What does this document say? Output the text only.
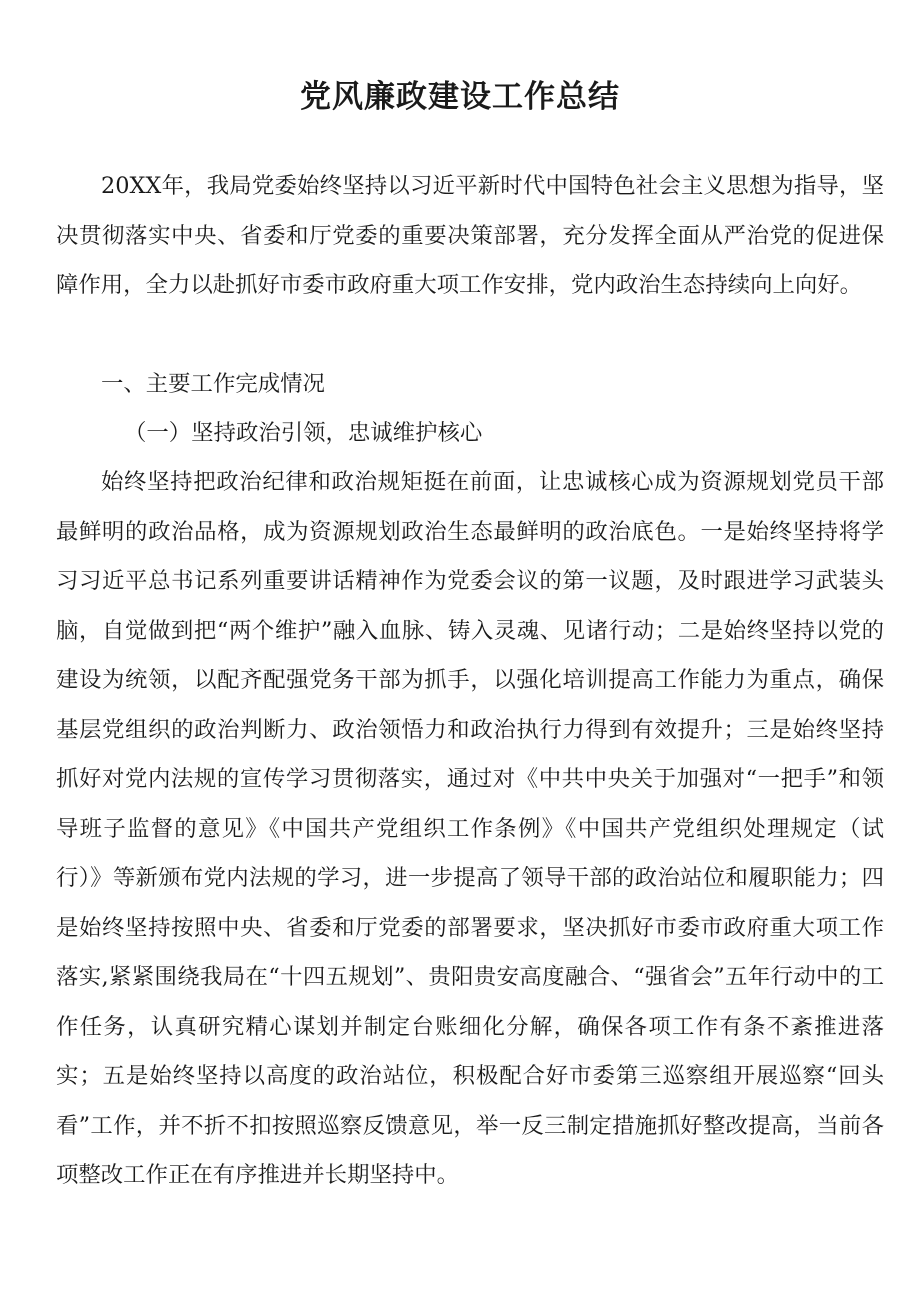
党风廉政建设工作总结

20XX年，我局党委始终坚持以习近平新时代中国特色社会主义思想为指导，坚决贯彻落实中央、省委和厅党委的重要决策部署，充分发挥全面从严治党的促进保障作用，全力以赴抓好市委市政府重大项工作安排，党内政治生态持续向上向好。

一、主要工作完成情况

（一）坚持政治引领，忠诚维护核心

始终坚持把政治纪律和政治规矩挺在前面，让忠诚核心成为资源规划党员干部最鲜明的政治品格，成为资源规划政治生态最鲜明的政治底色。一是始终坚持将学习习近平总书记系列重要讲话精神作为党委会议的第一议题，及时跟进学习武装头脑，自觉做到把“两个维护”融入血脉、铸入灵魂、见诸行动；二是始终坚持以党的建设为统领，以配齐配强党务干部为抓手，以强化培训提高工作能力为重点，确保基层党组织的政治判断力、政治领悟力和政治执行力得到有效提升；三是始终坚持抓好对党内法规的宣传学习贯彻落实，通过对《中共中央关于加强对“一把手”和领导班子监督的意见》《中国共产党组织工作条例》《中国共产党组织处理规定（试行）》等新颁布党内法规的学习，进一步提高了领导干部的政治站位和履职能力；四是始终坚持按照中央、省委和厅党委的部署要求，坚决抓好市委市政府重大项工作落实,紧紧围绕我局在“十四五规划”、贵阳贵安高度融合、“强省会”五年行动中的工作任务，认真研究精心谋划并制定台账细化分解，确保各项工作有条不紊推进落实；五是始终坚持以高度的政治站位，积极配合好市委第三巡察组开展巡察“回头看”工作，并不折不扣按照巡察反馈意见，举一反三制定措施抓好整改提高，当前各项整改工作正在有序推进并长期坚持中。
